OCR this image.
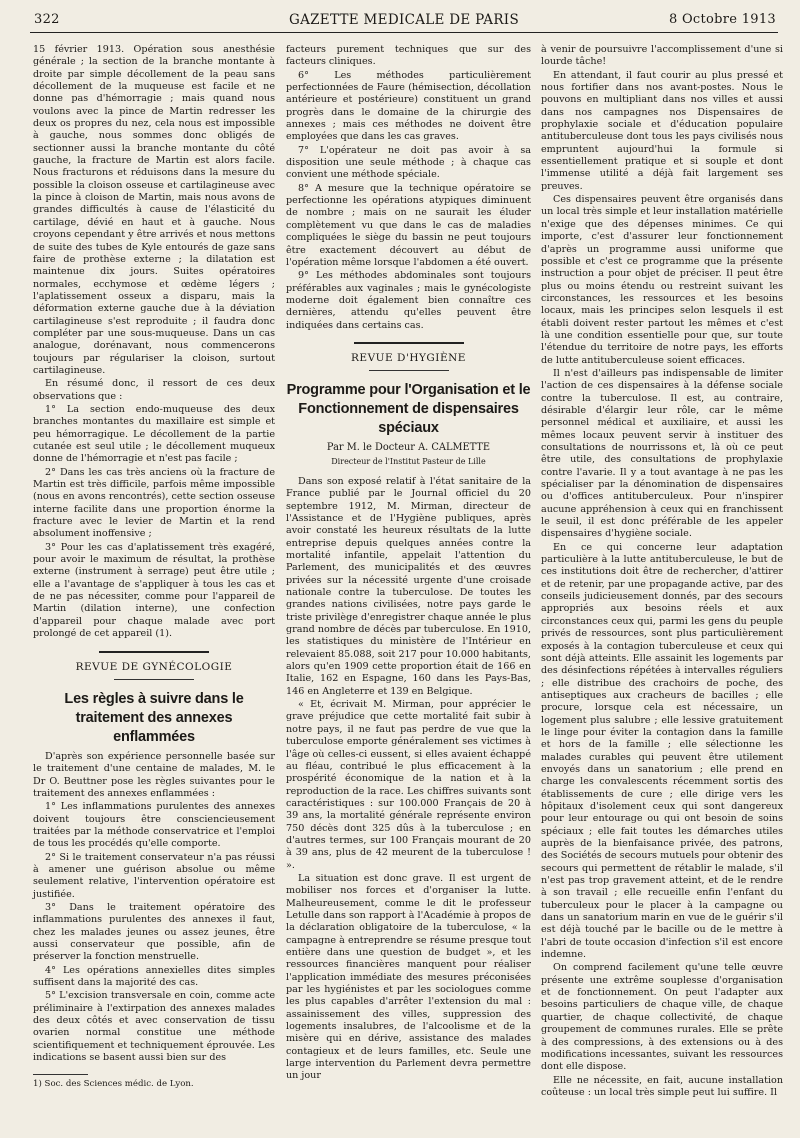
322	GAZETTE MEDICALE DE PARIS	8 Octobre 1913

15 février 1913. Opération sous anesthésie générale ; la section de la branche montante à droite par simple décollement de la peau sans décollement de la muqueuse est facile et ne donne pas d'hémorragie ; mais quand nous voulons avec la pince de Martin redresser les deux os propres du nez, cela nous est impossible à gauche, nous sommes donc obligés de sectionner aussi la branche montante du côté gauche, la fracture de Martin est alors facile. Nous fracturons et réduisons dans la mesure du possible la cloison osseuse et cartilagineuse avec la pince à cloison de Martin, mais nous avons de grandes difficultés à cause de l'élasticité du cartilage, dévié en haut et à gauche. Nous croyons cependant y être arrivés et nous mettons de suite des tubes de Kyle entourés de gaze sans faire de prothèse externe ; la dilatation est maintenue dix jours. Suites opératoires normales, ecchymose et œdème légers ; l'aplatissement osseux a disparu, mais la déformation externe gauche due à la déviation cartilagineuse s'est reproduite ; il faudra donc compléter par une sous-muqueuse. Dans un cas analogue, dorénavant, nous commencerons toujours par régulariser la cloison, surtout cartilagineuse.

En résumé donc, il ressort de ces deux observations que :

1° La section endo-muqueuse des deux branches montantes du maxillaire est simple et peu hémorragique. Le décollement de la partie cutanée est seul utile ; le décollement muqueux donne de l'hémorragie et n'est pas facile ;

2° Dans les cas très anciens où la fracture de Martin est très difficile, parfois même impossible (nous en avons rencontrés), cette section osseuse interne facilite dans une proportion énorme la fracture avec le levier de Martin et la rend absolument inoffensive ;

3° Pour les cas d'aplatissement très exagéré, pour avoir le maximum de résultat, la prothèse externe (instrument à serrage) peut être utile ; elle a l'avantage de s'appliquer à tous les cas et de ne pas nécessiter, comme pour l'appareil de Martin (dilation interne), une confection d'appareil pour chaque malade avec port prolongé de cet appareil (1).

REVUE DE GYNÉCOLOGIE
Les règles à suivre dans le traitement des annexes enflammées

D'après son expérience personnelle basée sur le traitement d'une centaine de malades, M. le Dr O. Beuttner pose les règles suivantes pour le traitement des annexes enflammées :

1° Les inflammations purulentes des annexes doivent toujours être consciencieusement traitées par la méthode conservatrice et l'emploi de tous les procédés qu'elle comporte.

2° Si le traitement conservateur n'a pas réussi à amener une guérison absolue ou même seulement relative, l'intervention opératoire est justifiée.

3° Dans le traitement opératoire des inflammations purulentes des annexes il faut, chez les malades jeunes ou assez jeunes, être aussi conservateur que possible, afin de préserver la fonction menstruelle.

4° Les opérations annexielles dites simples suffisent dans la majorité des cas.

5° L'excision transversale en coin, comme acte préliminaire à l'extirpation des annexes malades des deux côtés et avec conservation de tissu ovarien normal constitue une méthode scientifiquement et techniquement éprouvée. Les indications se basent aussi bien sur des

1) Soc. des Sciences médic. de Lyon.

facteurs purement techniques que sur des facteurs cliniques.

6° Les méthodes particulièrement perfectionnées de Faure (hémisection, décollation antérieure et postérieure) constituent un grand progrès dans le domaine de la chirurgie des annexes ; mais ces méthodes ne doivent être employées que dans les cas graves.

7° L'opérateur ne doit pas avoir à sa disposition une seule méthode ; à chaque cas convient une méthode spéciale.

8° A mesure que la technique opératoire se perfectionne les opérations atypiques diminuent de nombre ; mais on ne saurait les éluder complètement vu que dans le cas de maladies compliquées le siège du bassin ne peut toujours être exactement découvert au début de l'opération même lorsque l'abdomen a été ouvert.

9° Les méthodes abdominales sont toujours préférables aux vaginales ; mais le gynécologiste moderne doit également bien connaître ces dernières, attendu qu'elles peuvent être indiquées dans certains cas.

REVUE D'HYGIÈNE
Programme pour l'Organisation et le Fonctionnement de dispensaires spéciaux
Par M. le Docteur A. CALMETTE
Directeur de l'Institut Pasteur de Lille

Dans son exposé relatif à l'état sanitaire de la France publié par le Journal officiel du 20 septembre 1912, M. Mirman, directeur de l'Assistance et de l'Hygiène publiques, après avoir constaté les heureux résultats de la lutte entreprise depuis quelques années contre la mortalité infantile, appelait l'attention du Parlement, des municipalités et des œuvres privées sur la nécessité urgente d'une croisade nationale contre la tuberculose. De toutes les grandes nations civilisées, notre pays garde le triste privilège d'enregistrer chaque année le plus grand nombre de décès par tuberculose. En 1910, les statistiques du ministère de l'Intérieur en relevaient 85.088, soit 217 pour 10.000 habitants, alors qu'en 1909 cette proportion était de 166 en Italie, 162 en Espagne, 160 dans les Pays-Bas, 146 en Angleterre et 139 en Belgique.

« Et, écrivait M. Mirman, pour apprécier le grave préjudice que cette mortalité fait subir à notre pays, il ne faut pas perdre de vue que la tuberculose emporte généralement ses victimes à l'âge où celles-ci eussent, si elles avaient échappé au fléau, contribué le plus efficacement à la prospérité économique de la nation et à la reproduction de la race. Les chiffres suivants sont caractéristiques : sur 100.000 Français de 20 à 39 ans, la mortalité générale représente environ 750 décès dont 325 dûs à la tuberculose ; en d'autres termes, sur 100 Français mourant de 20 à 39 ans, plus de 42 meurent de la tuberculose ! ».

La situation est donc grave. Il est urgent de mobiliser nos forces et d'organiser la lutte. Malheureusement, comme le dit le professeur Letulle dans son rapport à l'Académie à propos de la déclaration obligatoire de la tuberculose, « la campagne à entreprendre se résume presque tout entière dans une question de budget », et les ressources financières manquent pour réaliser l'application immédiate des mesures préconisées par les hygiénistes et par les sociologues comme les plus capables d'arrêter l'extension du mal : assainissement des villes, suppression des logements insalubres, de l'alcoolisme et de la misère qui en dérive, assistance des malades contagieux et de leurs familles, etc. Seule une large intervention du Parlement devra permettre un jour

à venir de poursuivre l'accomplissement d'une si lourde tâche!

En attendant, il faut courir au plus pressé et nous fortifier dans nos avant-postes. Nous le pouvons en multipliant dans nos villes et aussi dans nos campagnes nos Dispensaires de prophylaxie sociale et d'éducation populaire antituberculeuse dont tous les pays civilisés nous empruntent aujourd'hui la formule si essentiellement pratique et si souple et dont l'immense utilité a déjà fait largement ses preuves.

Ces dispensaires peuvent être organisés dans un local très simple et leur installation matérielle n'exige que des dépenses minimes. Ce qui importe, c'est d'assurer leur fonctionnement d'après un programme aussi uniforme que possible et c'est ce programme que la présente instruction a pour objet de préciser. Il peut être plus ou moins étendu ou restreint suivant les circonstances, les ressources et les besoins locaux, mais les principes selon lesquels il est établi doivent rester partout les mêmes et c'est là une condition essentielle pour que, sur toute l'étendue du territoire de notre pays, les efforts de lutte antituberculeuse soient efficaces.

Il n'est d'ailleurs pas indispensable de limiter l'action de ces dispensaires à la défense sociale contre la tuberculose. Il est, au contraire, désirable d'élargir leur rôle, car le même personnel médical et auxiliaire, et aussi les mêmes locaux peuvent servir à instituer des consultations de nourrissons et, là où ce peut être utile, des consultations de prophylaxie contre l'avarie. Il y a tout avantage à ne pas les spécialiser par la dénomination de dispensaires ou d'offices antituberculeux. Pour n'inspirer aucune appréhension à ceux qui en franchissent le seuil, il est donc préférable de les appeler dispensaires d'hygiène sociale.

En ce qui concerne leur adaptation particulière à la lutte antituberculeuse, le but de ces institutions doit être de rechercher, d'attirer et de retenir, par une propagande active, par des conseils judicieusement donnés, par des secours appropriés aux besoins réels et aux circonstances ceux qui, parmi les gens du peuple privés de ressources, sont plus particulièrement exposés à la contagion tuberculeuse et ceux qui sont déjà atteints. Elle assainit les logements par des désinfections répétées à intervalles réguliers ; elle distribue des crachoirs de poche, des antiseptiques aux cracheurs de bacilles ; elle procure, lorsque cela est nécessaire, un logement plus salubre ; elle lessive gratuitement le linge pour éviter la contagion dans la famille et hors de la famille ; elle sélectionne les malades curables qui peuvent être utilement envoyés dans un sanatorium ; elle prend en charge les convalescents récemment sortis des établissements de cure ; elle dirige vers les hôpitaux d'isolement ceux qui sont dangereux pour leur entourage ou qui ont besoin de soins spéciaux ; elle fait toutes les démarches utiles auprès de la bienfaisance privée, des patrons, des Sociétés de secours mutuels pour obtenir des secours qui permettent de rétablir le malade, s'il n'est pas trop gravement atteint, et de le rendre à son travail ; elle recueille enfin l'enfant du tuberculeux pour le placer à la campagne ou dans un sanatorium marin en vue de le guérir s'il est déjà touché par le bacille ou de le mettre à l'abri de toute occasion d'infection s'il est encore indemne.

On comprend facilement qu'une telle œuvre présente une extrême souplesse d'organisation et de fonctionnement. On peut l'adapter aux besoins particuliers de chaque ville, de chaque quartier, de chaque collectivité, de chaque groupement de communes rurales. Elle se prête à des compressions, à des extensions ou à des modifications incessantes, suivant les ressources dont elle dispose.

Elle ne nécessite, en fait, aucune installation coûteuse : un local très simple peut lui suffire. Il
